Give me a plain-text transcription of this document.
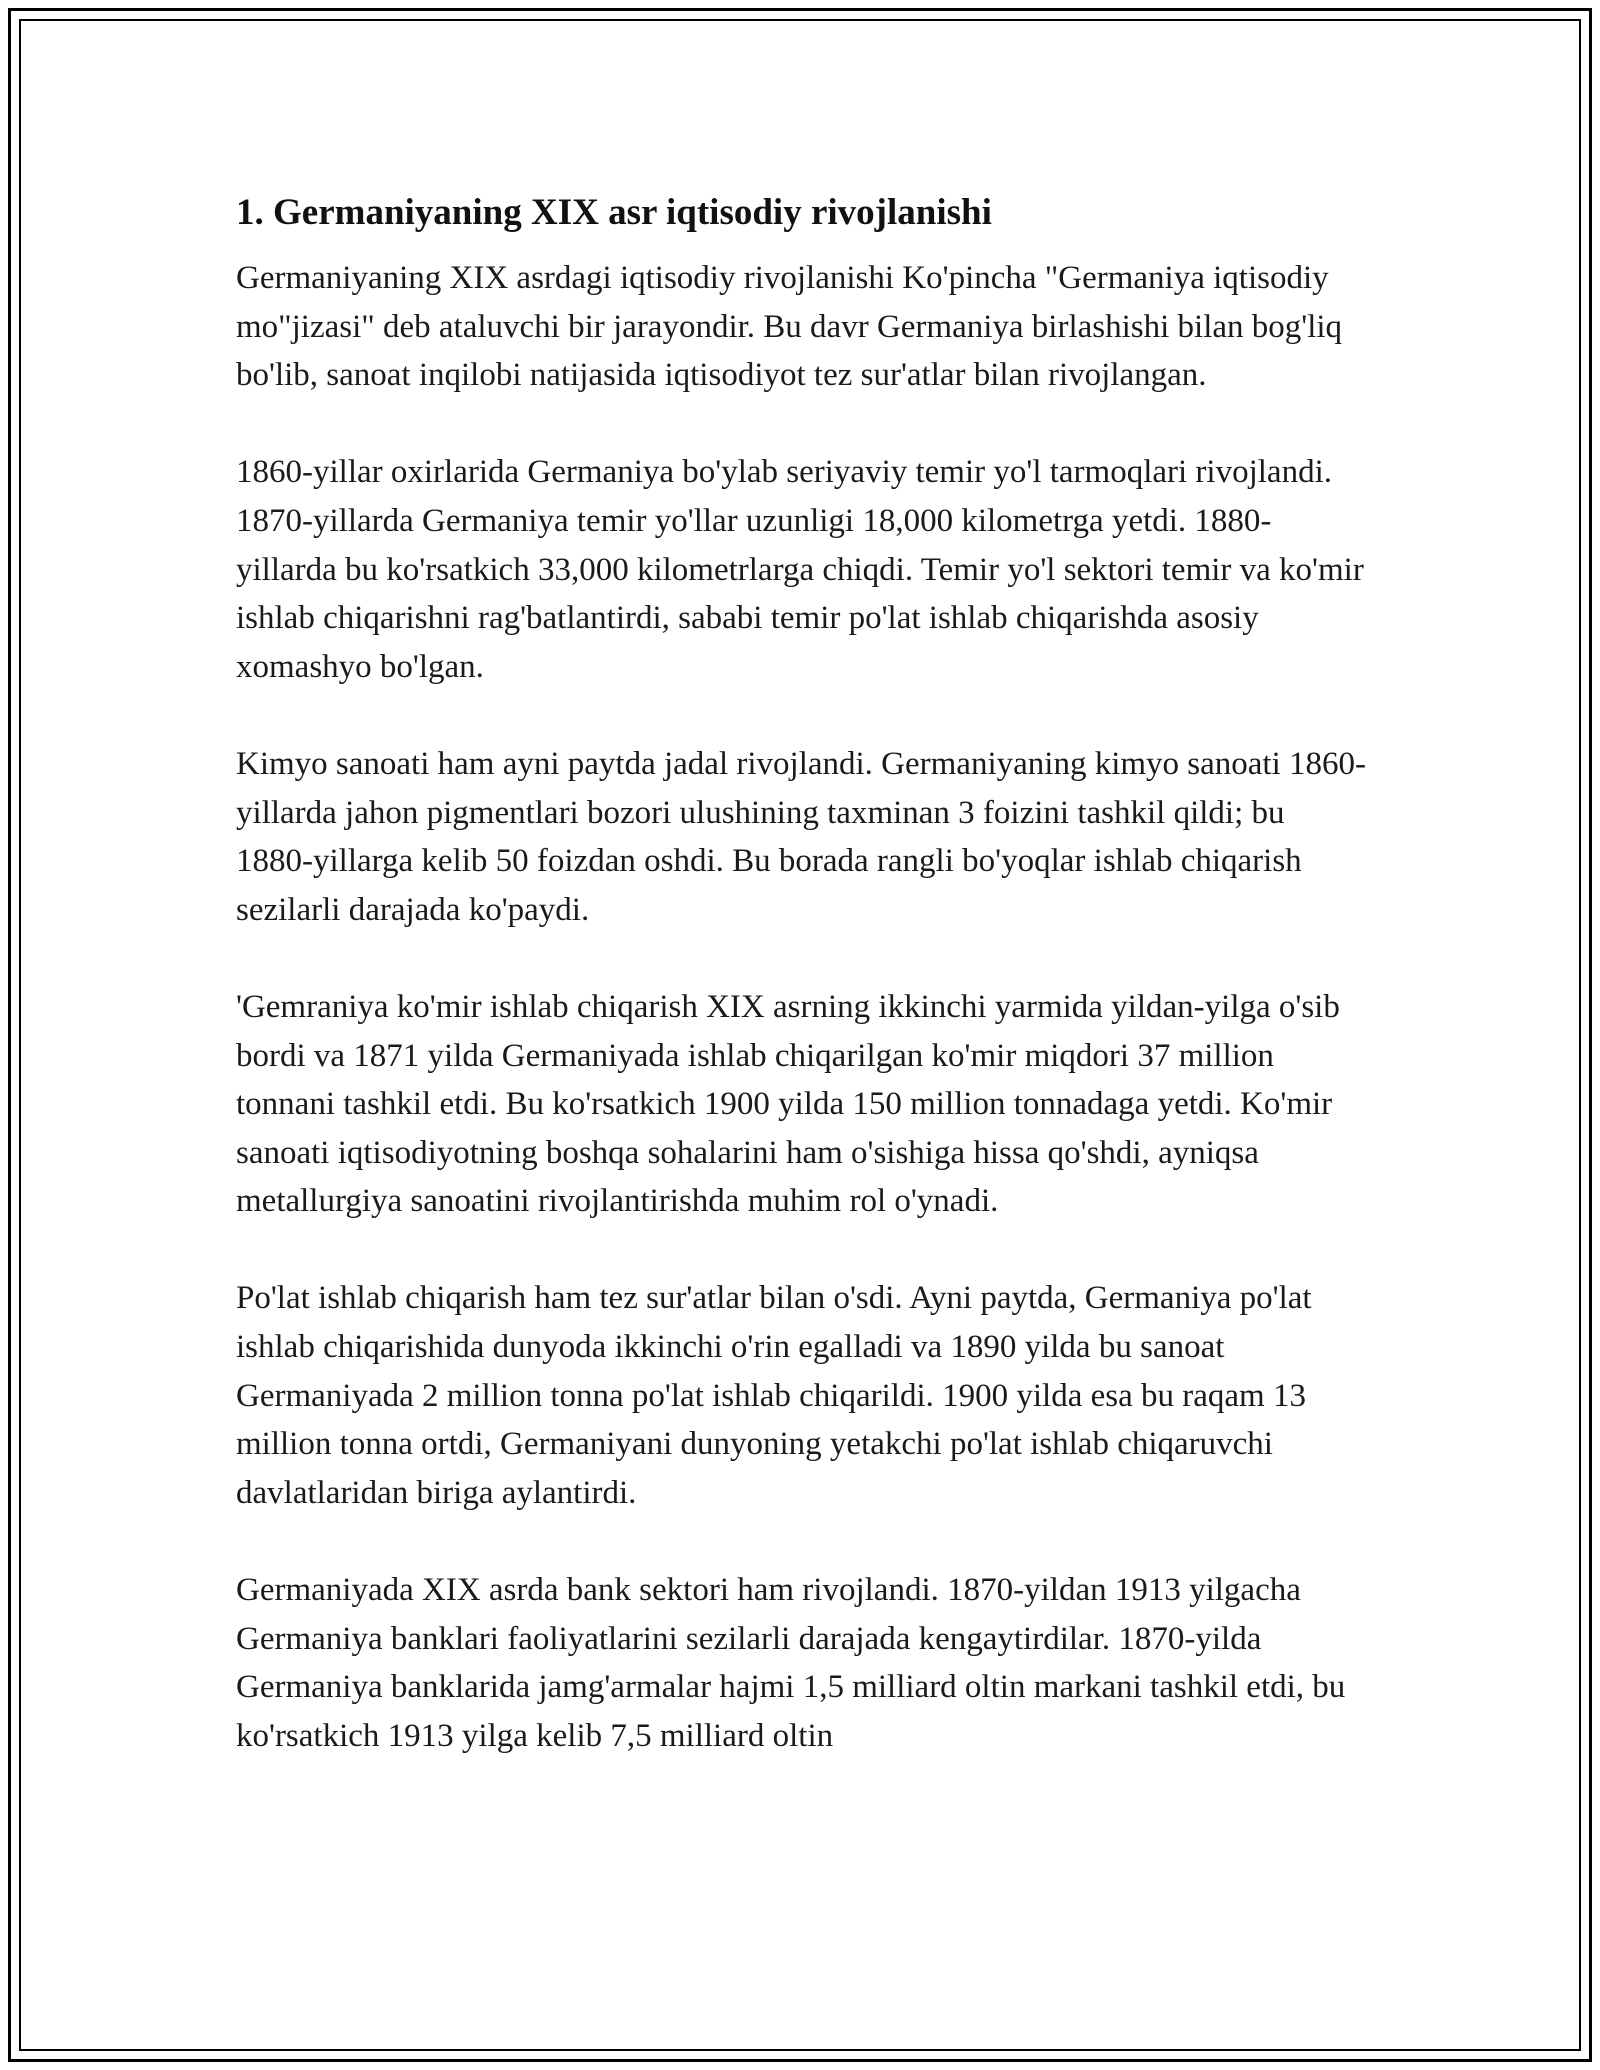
1. Germaniyaning XIX asr iqtisodiy rivojlanishi

Germaniyaning XIX asrdagi iqtisodiy rivojlanishi Ko'pincha "Germaniya iqtisodiy mo"jizasi" deb ataluvchi bir jarayondir. Bu davr Germaniya birlashishi bilan bog'liq bo'lib, sanoat inqilobi natijasida iqtisodiyot tez sur'atlar bilan rivojlangan.

1860-yillar oxirlarida Germaniya bo'ylab seriyaviy temir yo'l tarmoqlari rivojlandi. 1870-yillarda Germaniya temir yo'llar uzunligi 18,000 kilometrga yetdi. 1880-yillarda bu ko'rsatkich 33,000 kilometrlarga chiqdi. Temir yo'l sektori temir va ko'mir ishlab chiqarishni rag'batlantirdi, sababi temir po'lat ishlab chiqarishda asosiy xomashyo bo'lgan.

Kimyo sanoati ham ayni paytda jadal rivojlandi. Germaniyaning kimyo sanoati 1860-yillarda jahon pigmentlari bozori ulushining taxminan 3 foizini tashkil qildi; bu 1880-yillarga kelib 50 foizdan oshdi. Bu borada rangli bo'yoqlar ishlab chiqarish sezilarli darajada ko'paydi.

'Gemraniya ko'mir ishlab chiqarish XIX asrning ikkinchi yarmida yildan-yilga o'sib bordi va 1871 yilda Germaniyada ishlab chiqarilgan ko'mir miqdori 37 million tonnani tashkil etdi. Bu ko'rsatkich 1900 yilda 150 million tonnadaga yetdi. Ko'mir sanoati iqtisodiyotning boshqa sohalarini ham o'sishiga hissa qo'shdi, ayniqsa metallurgiya sanoatini rivojlantirishda muhim rol o'ynadi.

Po'lat ishlab chiqarish ham tez sur'atlar bilan o'sdi. Ayni paytda, Germaniya po'lat ishlab chiqarishida dunyoda ikkinchi o'rin egalladi va 1890 yilda bu sanoat Germaniyada 2 million tonna po'lat ishlab chiqarildi. 1900 yilda esa bu raqam 13 million tonna ortdi, Germaniyani dunyoning yetakchi po'lat ishlab chiqaruvchi davlatlaridan biriga aylantirdi.

Germaniyada XIX asrda bank sektori ham rivojlandi. 1870-yildan 1913 yilgacha Germaniya banklari faoliyatlarini sezilarli darajada kengaytirdilar. 1870-yilda Germaniya banklarida jamg'armalar hajmi 1,5 milliard oltin markani tashkil etdi, bu ko'rsatkich 1913 yilga kelib 7,5 milliard oltin
